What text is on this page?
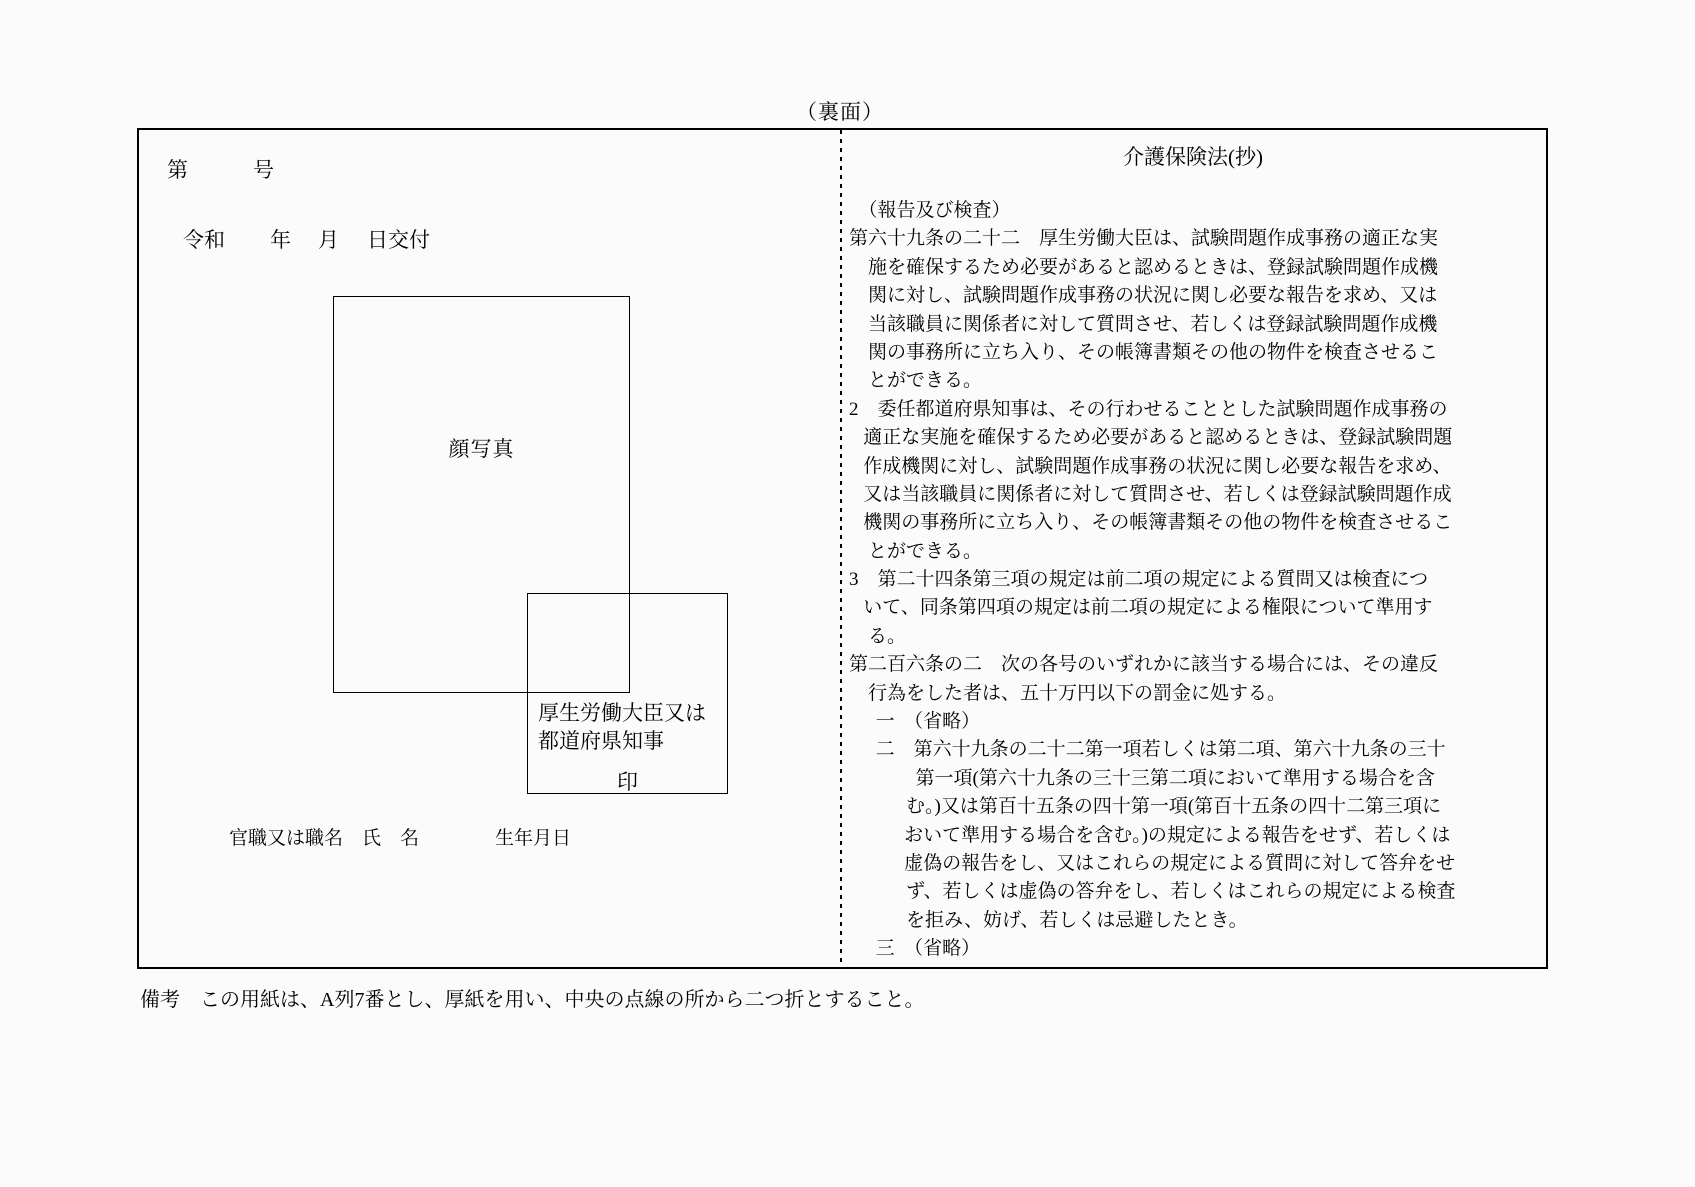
（裏面）
第	号
令和 年 月 日交付
顔写真
厚生労働大臣又は
都道府県知事
印
官職又は職名　氏　名	生年月日
介護保険法(抄)
（報告及び検査）
第六十九条の二十二　厚生労働大臣は、試験問題作成事務の適正な実
施を確保するため必要があると認めるときは、登録試験問題作成機
関に対し、試験問題作成事務の状況に関し必要な報告を求め、又は
当該職員に関係者に対して質問させ、若しくは登録試験問題作成機
関の事務所に立ち入り、その帳簿書類その他の物件を検査させるこ
とができる。
2　委任都道府県知事は、その行わせることとした試験問題作成事務の
適正な実施を確保するため必要があると認めるときは、登録試験問題
作成機関に対し、試験問題作成事務の状況に関し必要な報告を求め、
又は当該職員に関係者に対して質問させ、若しくは登録試験問題作成
機関の事務所に立ち入り、その帳簿書類その他の物件を検査させるこ
とができる。
3　第二十四条第三項の規定は前二項の規定による質問又は検査につ
いて、同条第四項の規定は前二項の規定による権限について準用す
る。
第二百六条の二　次の各号のいずれかに該当する場合には、その違反
行為をした者は、五十万円以下の罰金に処する。
一　（省略）
二　第六十九条の二十二第一項若しくは第二項、第六十九条の三十
第一項(第六十九条の三十三第二項において準用する場合を含
む。)又は第百十五条の四十第一項(第百十五条の四十二第三項に
おいて準用する場合を含む。)の規定による報告をせず、若しくは
虚偽の報告をし、又はこれらの規定による質問に対して答弁をせ
ず、若しくは虚偽の答弁をし、若しくはこれらの規定による検査
を拒み、妨げ、若しくは忌避したとき。
三　（省略）
備考　この用紙は、A列7番とし、厚紙を用い、中央の点線の所から二つ折とすること。
